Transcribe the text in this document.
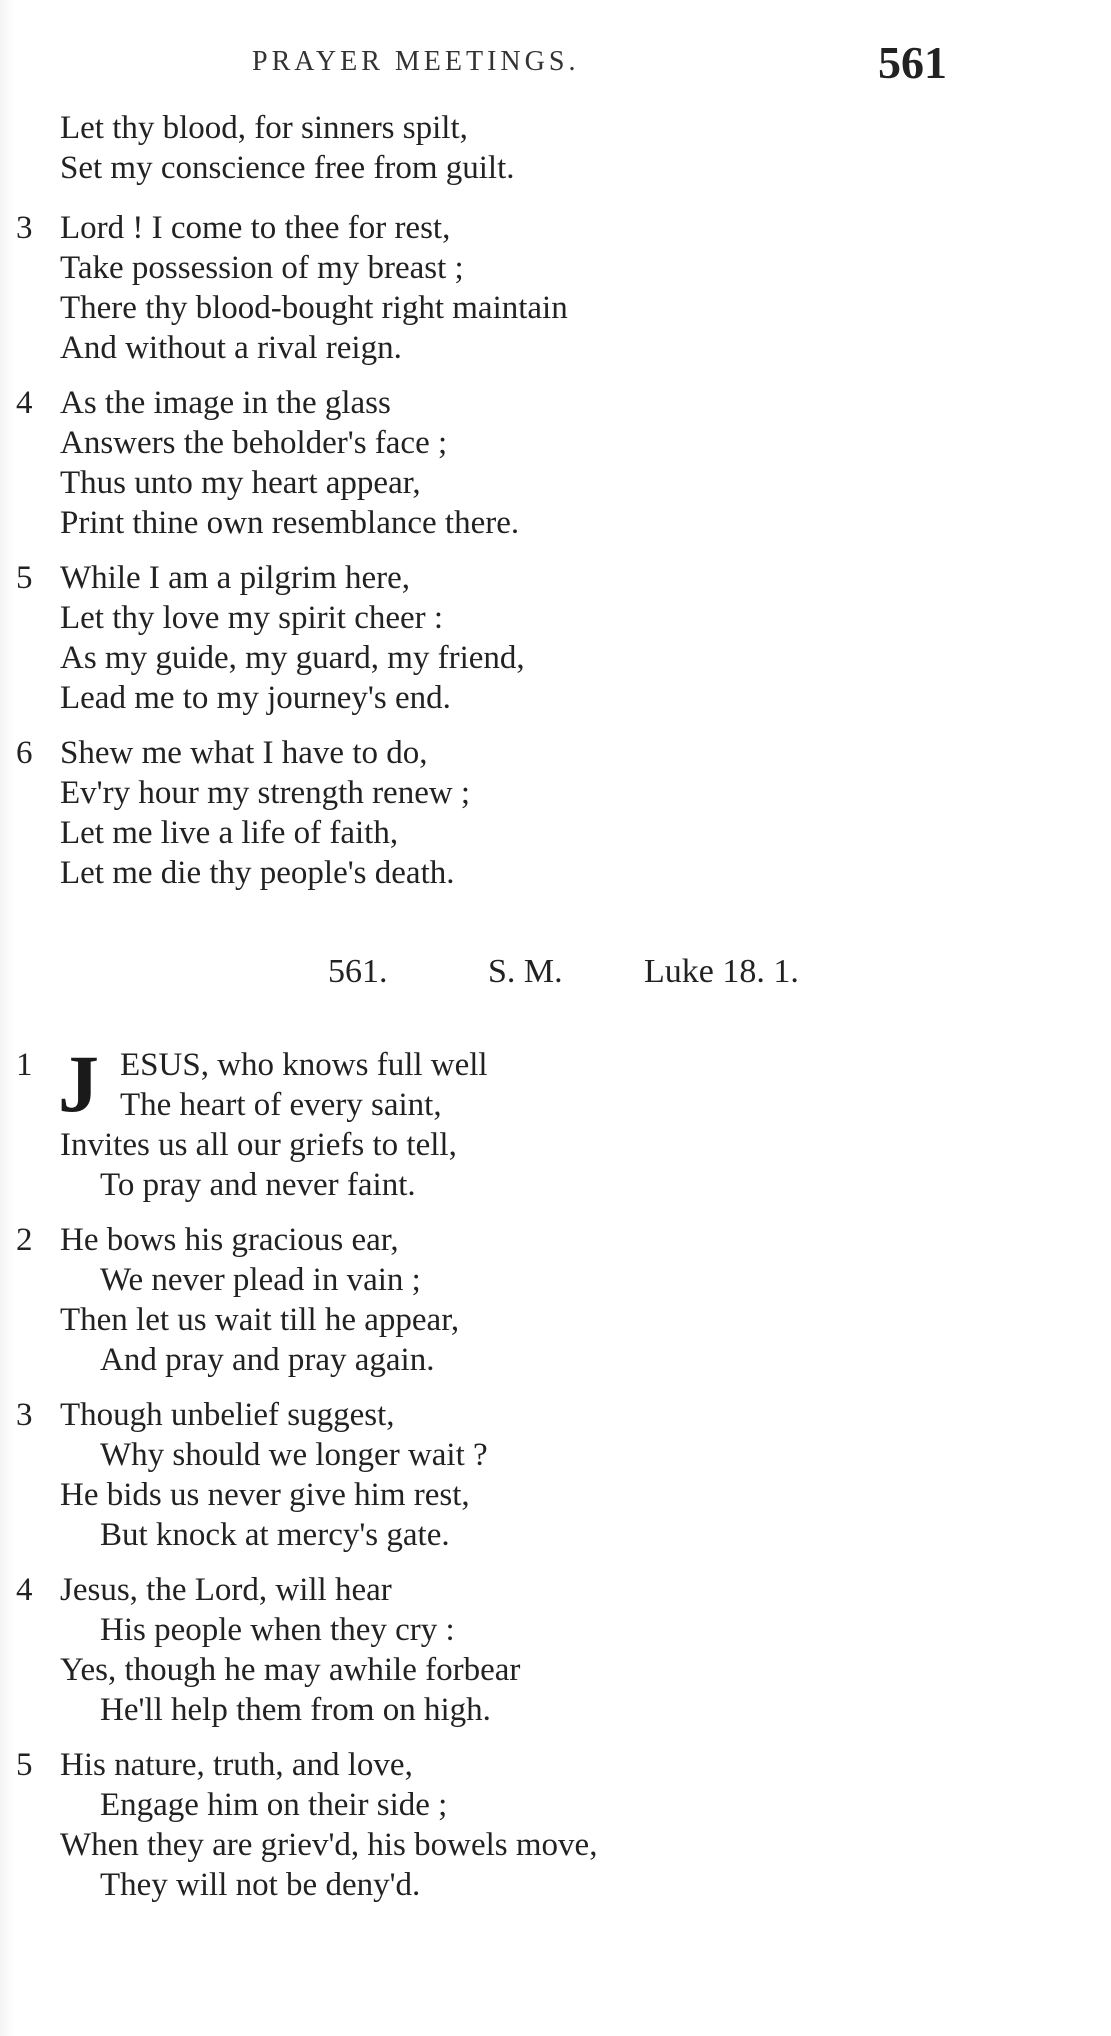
PRAYER MEETINGS.	561
Let thy blood, for sinners spilt,
Set my conscience free from guilt.
3 Lord ! I come to thee for rest,
Take possession of my breast ;
There thy blood-bought right maintain
And without a rival reign.
4 As the image in the glass
Answers the beholder's face ;
Thus unto my heart appear,
Print thine own resemblance there.
5 While I am a pilgrim here,
Let thy love my spirit cheer :
As my guide, my guard, my friend,
Lead me to my journey's end.
6 Shew me what I have to do,
Ev'ry hour my strength renew ;
Let me live a life of faith,
Let me die thy people's death.
561.	S. M. Luke 18. 1.
1 J ESUS, who knows full well
The heart of every saint,
Invites us all our griefs to tell,
To pray and never faint.
2 He bows his gracious ear,
We never plead in vain ;
Then let us wait till he appear,
And pray and pray again.
3 Though unbelief suggest,
Why should we longer wait ?
He bids us never give him rest,
But knock at mercy's gate.
4 Jesus, the Lord, will hear
His people when they cry :
Yes, though he may awhile forbear
He'll help them from on high.
5 His nature, truth, and love,
Engage him on their side ;
When they are griev'd, his bowels move,
They will not be deny'd.
